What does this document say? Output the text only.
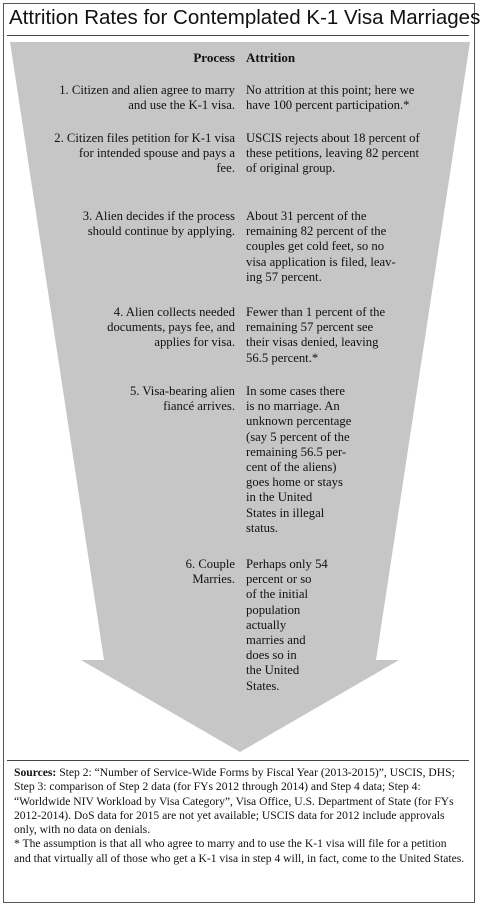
Attrition Rates for Contemplated K-1 Visa Marriages
Process Attrition
1. Citizen and alien agree to marry
and use the K-1 visa.
No attrition at this point; here we
have 100 percent participation.*
2. Citizen files petition for K-1 visa
for intended spouse and pays a
fee.
USCIS rejects about 18 percent of
these petitions, leaving 82 percent
of original group.
3. Alien decides if the process
should continue by applying.
About 31 percent of the
remaining 82 percent of the
couples get cold feet, so no
visa application is filed, leav-
ing 57 percent.
4. Alien collects needed
documents, pays fee, and
applies for visa.
Fewer than 1 percent of the
remaining 57 percent see
their visas denied, leaving
56.5 percent.*
5. Visa-bearing alien
fiancé arrives.
In some cases there
is no marriage. An
unknown percentage
(say 5 percent of the
remaining 56.5 per-
cent of the aliens)
goes home or stays
in the United
States in illegal
status.
6. Couple
Marries.
Perhaps only 54
percent or so
of the initial
population
actually
marries and
does so in
the United
States.

Sources: Step 2: “Number of Service-Wide Forms by Fiscal Year (2013-2015)”, USCIS, DHS; Step 3: comparison of Step 2 data (for FYs 2012 through 2014) and Step 4 data; Step 4: “Worldwide NIV Workload by Visa Category”, Visa Office, U.S. Department of State (for FYs 2012-2014). DoS data for 2015 are not yet available; USCIS data for 2012 include approvals only, with no data on denials.

* The assumption is that all who agree to marry and to use the K-1 visa will file for a petition and that virtually all of those who get a K-1 visa in step 4 will, in fact, come to the United States.
